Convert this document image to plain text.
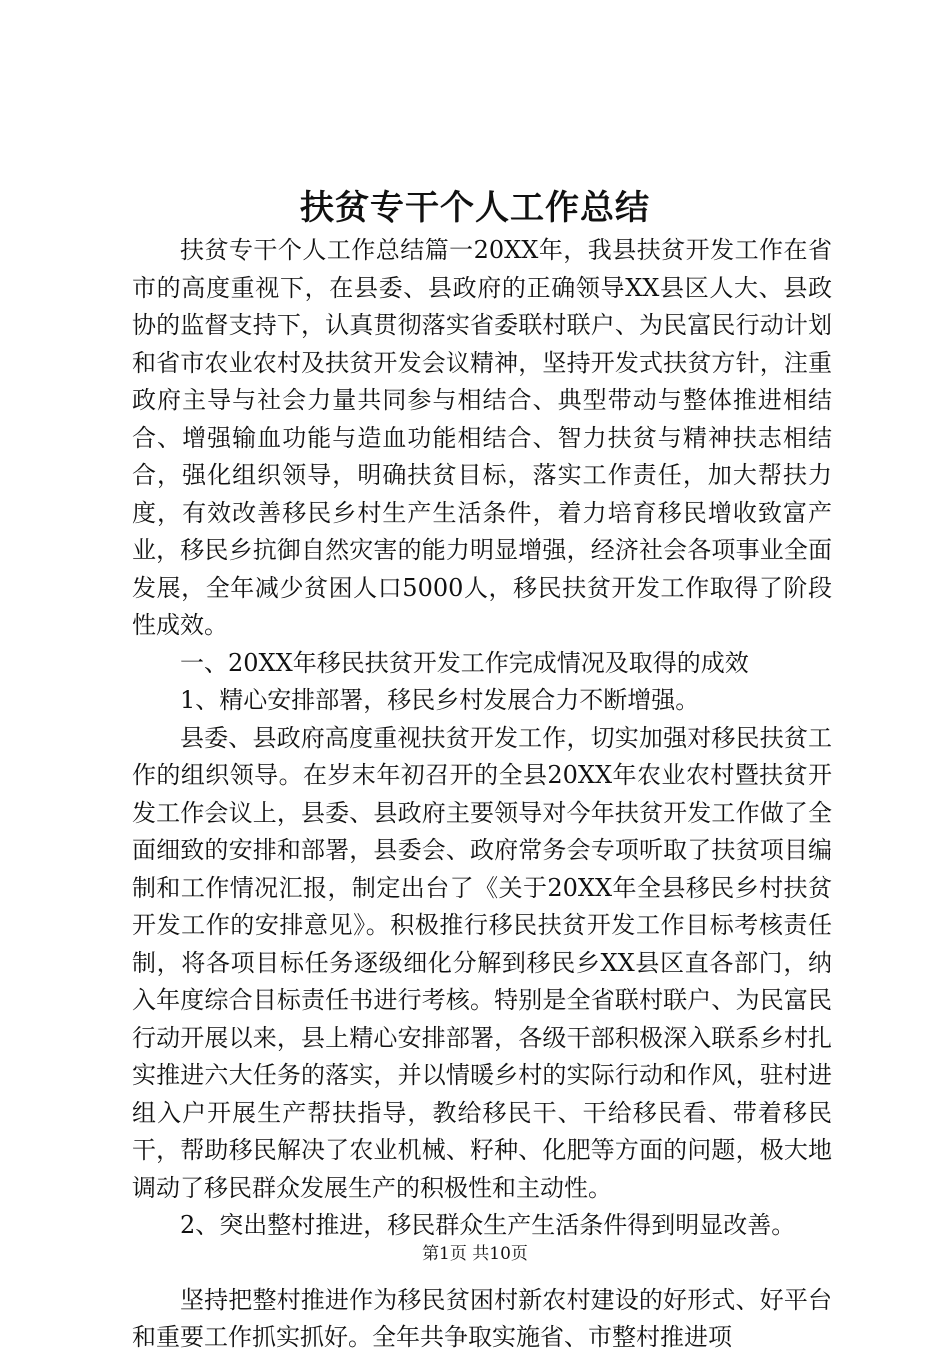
扶贫专干个人工作总结

扶贫专干个人工作总结篇一20XX年，我县扶贫开发工作在省市的高度重视下，在县委、县政府的正确领导XX县区人大、县政协的监督支持下，认真贯彻落实省委联村联户、为民富民行动计划和省市农业农村及扶贫开发会议精神，坚持开发式扶贫方针，注重政府主导与社会力量共同参与相结合、典型带动与整体推进相结合、增强输血功能与造血功能相结合、智力扶贫与精神扶志相结合，强化组织领导，明确扶贫目标，落实工作责任，加大帮扶力度，有效改善移民乡村生产生活条件，着力培育移民增收致富产业，移民乡抗御自然灾害的能力明显增强，经济社会各项事业全面发展，全年减少贫困人口5000人，移民扶贫开发工作取得了阶段性成效。

一、20XX年移民扶贫开发工作完成情况及取得的成效

1、精心安排部署，移民乡村发展合力不断增强。

县委、县政府高度重视扶贫开发工作，切实加强对移民扶贫工作的组织领导。在岁末年初召开的全县20XX年农业农村暨扶贫开发工作会议上，县委、县政府主要领导对今年扶贫开发工作做了全面细致的安排和部署，县委会、政府常务会专项听取了扶贫项目编制和工作情况汇报，制定出台了《关于20XX年全县移民乡村扶贫开发工作的安排意见》。积极推行移民扶贫开发工作目标考核责任制，将各项目标任务逐级细化分解到移民乡XX县区直各部门，纳入年度综合目标责任书进行考核。特别是全省联村联户、为民富民行动开展以来，县上精心安排部署，各级干部积极深入联系乡村扎实推进六大任务的落实，并以情暖乡村的实际行动和作风，驻村进组入户开展生产帮扶指导，教给移民干、干给移民看、带着移民干，帮助移民解决了农业机械、籽种、化肥等方面的问题，极大地调动了移民群众发展生产的积极性和主动性。

2、突出整村推进，移民群众生产生活条件得到明显改善。

坚持把整村推进作为移民贫困村新农村建设的好形式、好平台和重要工作抓实抓好。全年共争取实施省、市整村推进项

第1页 共10页
